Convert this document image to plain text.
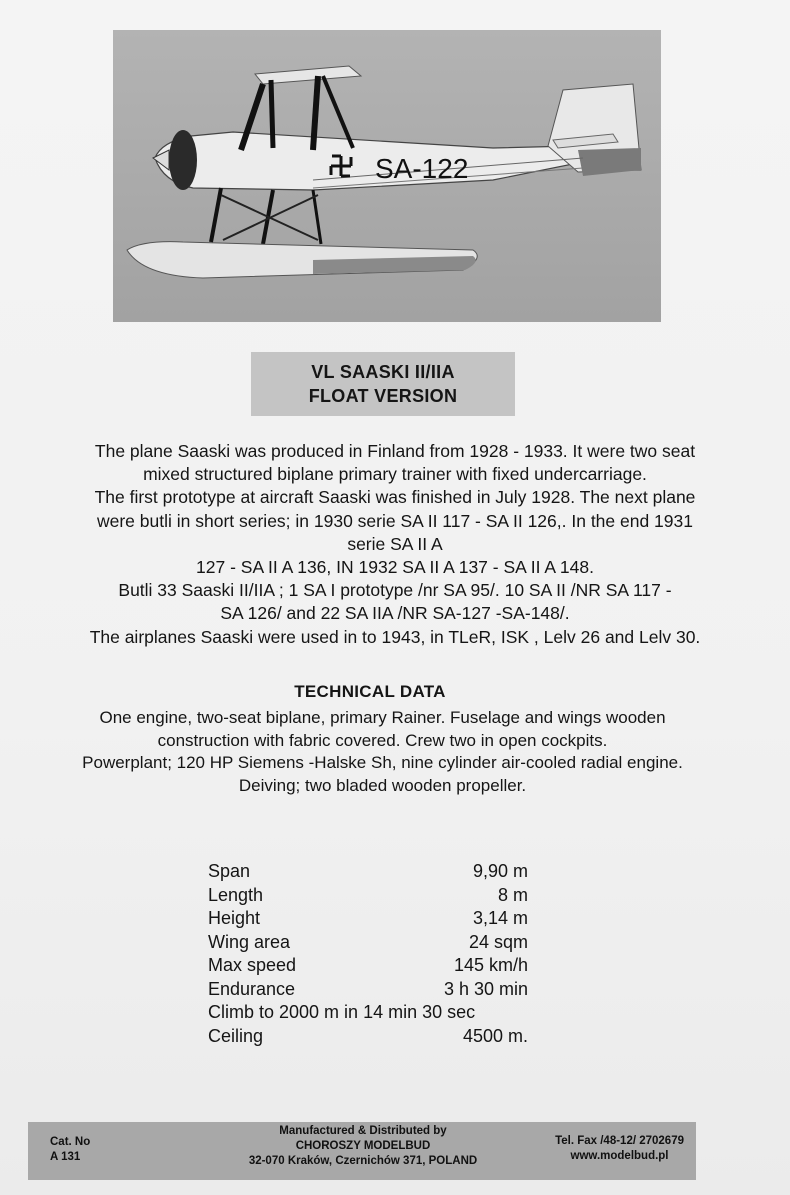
SA-122
VL SAASKI II/IIA
FLOAT VERSION
The plane Saaski was produced in Finland from 1928 - 1933. It were two seat
mixed structured biplane primary trainer with fixed undercarriage.
The first prototype at aircraft Saaski was finished in July 1928. The next plane
were butli in short series; in 1930 serie SA II 117 - SA II 126,. In the end 1931
serie SA II A
127 - SA II A 136, IN 1932 SA II A 137 - SA II A 148.
Butli 33 Saaski II/IIA ; 1 SA I prototype /nr SA 95/. 10 SA II /NR SA 117 -
SA 126/ and 22 SA IIA /NR SA-127 -SA-148/.
The airplanes Saaski were used in to 1943, in TLeR, ISK , Lelv 26 and Lelv 30.
TECHNICAL DATA
One engine, two-seat biplane, primary Rainer. Fuselage and wings wooden
construction with fabric covered. Crew two in open cockpits.
Powerplant; 120 HP Siemens -Halske Sh, nine cylinder air-cooled radial engine.
Deiving; two bladed wooden propeller.
Span	9,90 m
Length	8 m
Height	3,14 m
Wing area	24 sqm
Max speed	145 km/h
Endurance	3 h 30 min
Climb to 2000 m in 14 min 30 sec
Ceiling	4500 m.
Cat. No
A 131
Manufactured & Distributed by
CHOROSZY MODELBUD
32-070 Kraków, Czernichów 371, POLAND
Tel. Fax /48-12/ 2702679
www.modelbud.pl
